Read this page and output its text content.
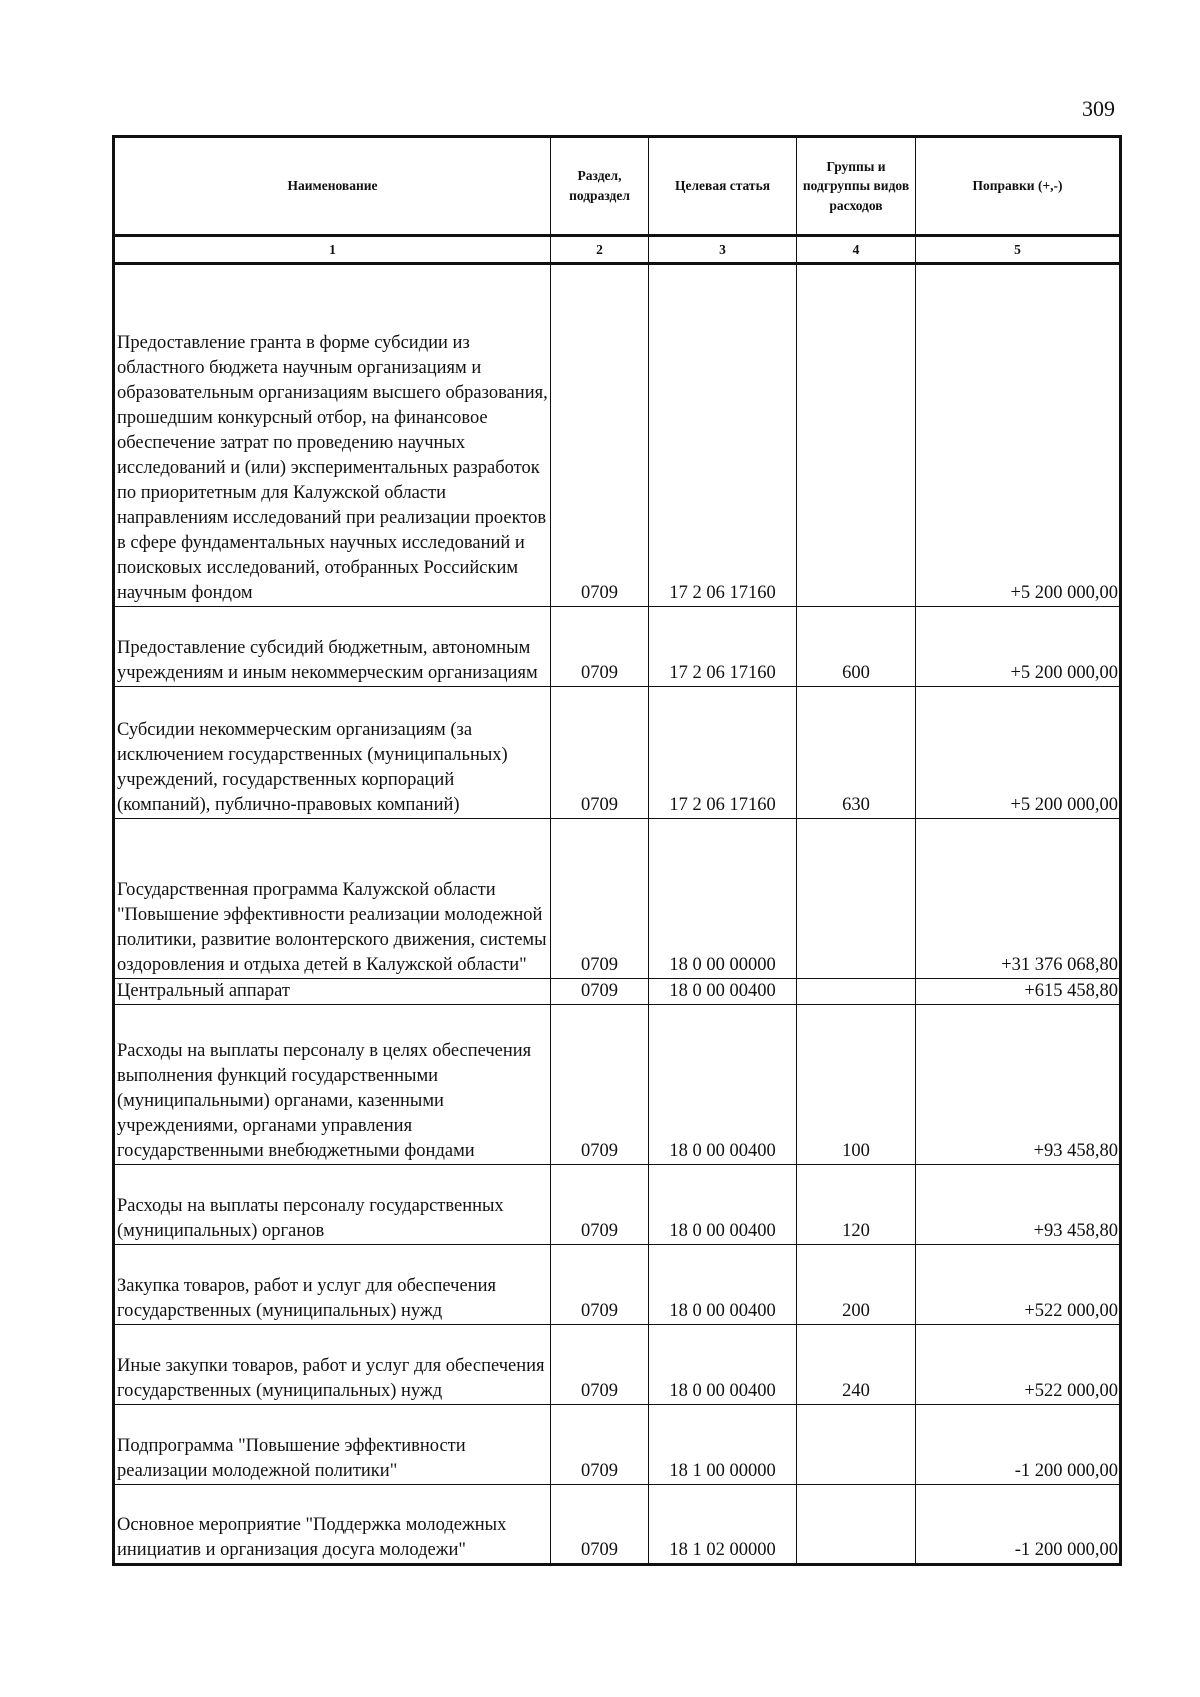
309
Наименование	Раздел, подраздел	Целевая статья	Группы и подгруппы видов расходов	Поправки (+,-)
1	2	3	4	5
Предоставление гранта в форме субсидии из областного бюджета научным организациям и образовательным организациям высшего образования, прошедшим конкурсный отбор, на финансовое обеспечение затрат по проведению научных исследований и (или) экспериментальных разработок по приоритетным для Калужской области направлениям исследований при реализации проектов в сфере фундаментальных научных исследований и поисковых исследований, отобранных Российским научным фондом	0709	17 2 06 17160		+5 200 000,00
Предоставление субсидий бюджетным, автономным учреждениям и иным некоммерческим организациям	0709	17 2 06 17160	600	+5 200 000,00
Субсидии некоммерческим организациям (за исключением государственных (муниципальных) учреждений, государственных корпораций (компаний), публично-правовых компаний)	0709	17 2 06 17160	630	+5 200 000,00
Государственная программа Калужской области "Повышение эффективности реализации молодежной политики, развитие волонтерского движения, системы оздоровления и отдыха детей в Калужской области"	0709	18 0 00 00000		+31 376 068,80
Центральный аппарат	0709	18 0 00 00400		+615 458,80
Расходы на выплаты персоналу в целях обеспечения выполнения функций государственными (муниципальными) органами, казенными учреждениями, органами управления государственными внебюджетными фондами	0709	18 0 00 00400	100	+93 458,80
Расходы на выплаты персоналу государственных (муниципальных) органов	0709	18 0 00 00400	120	+93 458,80
Закупка товаров, работ и услуг для обеспечения государственных (муниципальных) нужд	0709	18 0 00 00400	200	+522 000,00
Иные закупки товаров, работ и услуг для обеспечения государственных (муниципальных) нужд	0709	18 0 00 00400	240	+522 000,00
Подпрограмма "Повышение эффективности реализации молодежной политики"	0709	18 1 00 00000		-1 200 000,00
Основное мероприятие "Поддержка молодежных инициатив и организация досуга молодежи"	0709	18 1 02 00000		-1 200 000,00
